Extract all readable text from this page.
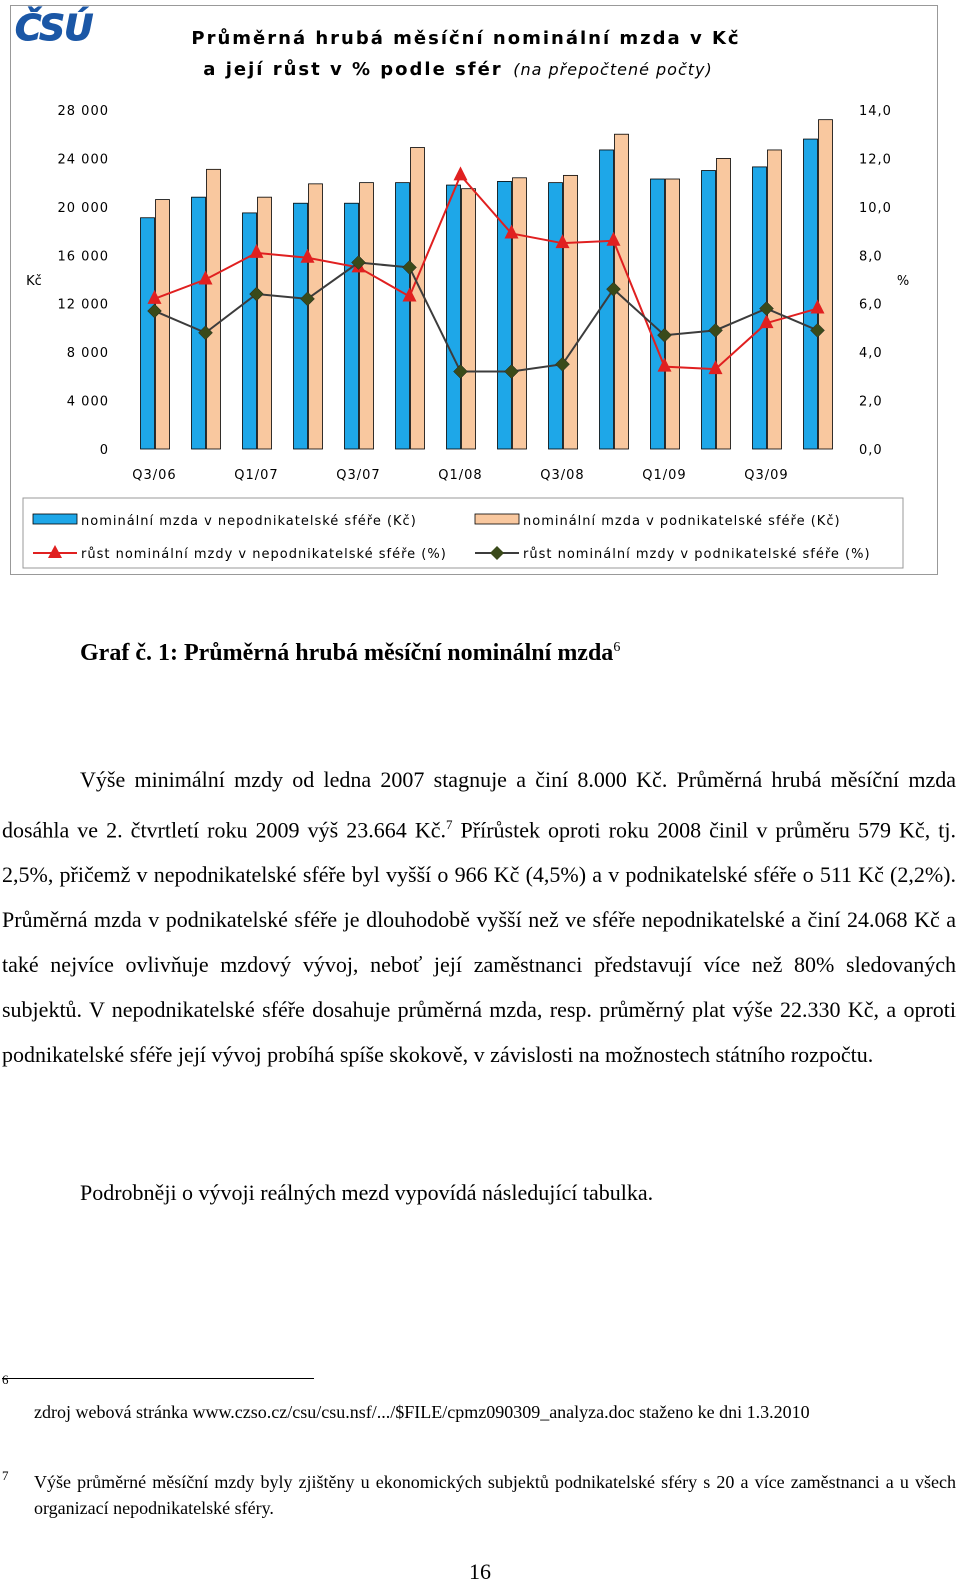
ČSÚ	Průměrná hrubá měsíční nominální mzda v Kč
a její růst v % podle sfér (na přepočtené počty)
Kč	%
28 000
24 000
20 000
16 000
12 000
8 000
4 000
0
14,0
12,0
10,0
8,0
6,0
4,0
2,0
0,0
Q3/06	Q1/07	Q3/07	Q1/08	Q3/08	Q1/09	Q3/09
nominální mzda v nepodnikatelské sféře (Kč)	nominální mzda v podnikatelské sféře (Kč)
růst nominální mzdy v nepodnikatelské sféře (%)	růst nominální mzdy v podnikatelské sféře (%)
Graf č. 1: Průměrná hrubá měsíční nominální mzda$^6$

Výše minimální mzdy od ledna 2007 stagnuje a činí 8.000 Kč. Průměrná hrubá měsíční mzda dosáhla ve 2. čtvrtletí roku 2009 výš 23.664 Kč.$^7$ Přírůstek oproti roku 2008 činil v průměru 579 Kč, tj. 2,5%, přičemž v nepodnikatelské sféře byl vyšší o 966 Kč (4,5%) a v podnikatelské sféře o 511 Kč (2,2%). Průměrná mzda v podnikatelské sféře je dlouhodobě vyšší než ve sféře nepodnikatelské a činí 24.068 Kč a také nejvíce ovlivňuje mzdový vývoj, neboť její zaměstnanci představují více než 80% sledovaných subjektů. V nepodnikatelské sféře dosahuje průměrná mzda, resp. průměrný plat výše 22.330 Kč, a oproti podnikatelské sféře její vývoj probíhá spíše skokově, v závislosti na možnostech státního rozpočtu.

Podrobněji o vývoji reálných mezd vypovídá následující tabulka.

6

zdroj webová stránka www.czso.cz/csu/csu.nsf/.../$FILE/cpmz090309_analyza.doc staženo ke dni 1.3.2010

7 Výše průměrné měsíční mzdy byly zjištěny u ekonomických subjektů podnikatelské sféry s 20 a více zaměstnanci a u všech organizací nepodnikatelské sféry.

16
